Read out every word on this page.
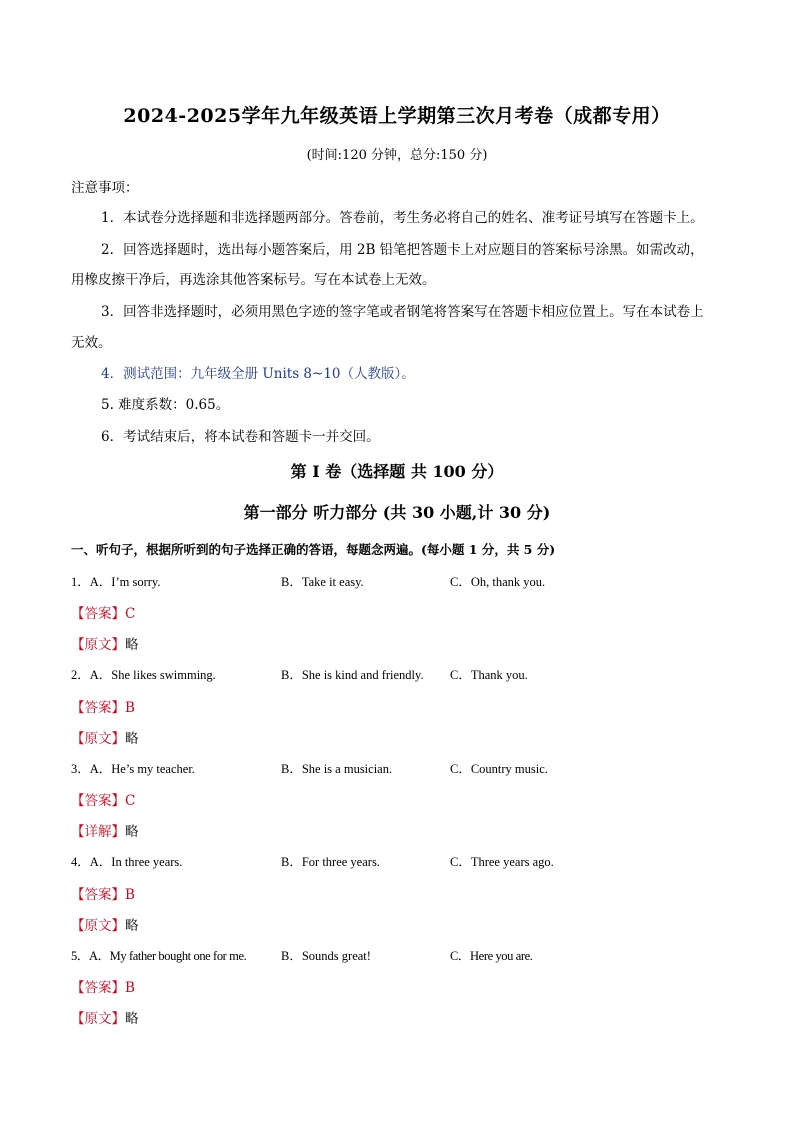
2024-2025学年九年级英语上学期第三次月考卷（成都专用）
(时间:120 分钟，总分:150 分)
注意事项：
1．本试卷分选择题和非选择题两部分。答卷前，考生务必将自己的姓名、准考证号填写在答题卡上。
2．回答选择题时，选出每小题答案后，用 2B 铅笔把答题卡上对应题目的答案标号涂黑。如需改动，
用橡皮擦干净后，再选涂其他答案标号。写在本试卷上无效。
3．回答非选择题时，必须用黑色字迹的签字笔或者钢笔将答案写在答题卡相应位置上。写在本试卷上
无效。
4．测试范围：九年级全册 Units 8~10（人教版）。
5. 难度系数：0.65。
6．考试结束后，将本试卷和答题卡一并交回。
第 I 卷（选择题 共 100 分）
第一部分 听力部分 (共 30 小题,计 30 分)
一、听句子，根据所听到的句子选择正确的答语，每题念两遍。(每小题 1 分，共 5 分)
1．A．I’m sorry.	B．Take it easy.	C．Oh, thank you.
【答案】C
【原文】略
2．A．She likes swimming.	B．She is kind and friendly. C．Thank you.
【答案】B
【原文】略
3．A．He’s my teacher.	B．She is a musician.	C．Country music.
【答案】C
【详解】略
4．A．In three years.	B．For three years.	C．Three years ago.
【答案】B
【原文】略
5．A．My father bought one for me.	B．Sounds great!	C．Here you are.
【答案】B
【原文】略
